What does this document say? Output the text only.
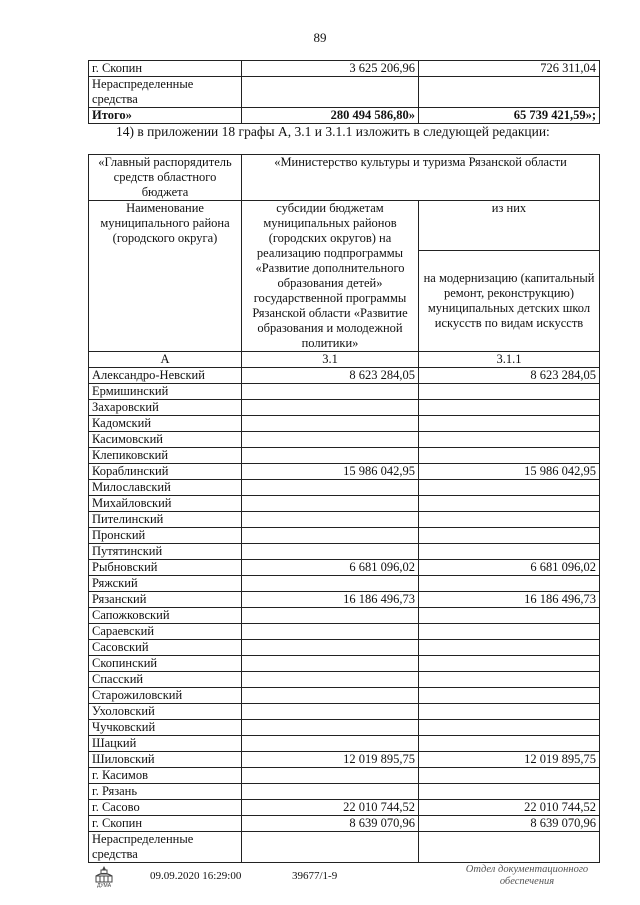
89
г. Скопин	3 625 206,96	726 311,04
Нераспределенные средства		
Итого»	280 494 586,80»	65 739 421,59»;
14) в приложении 18 графы А, 3.1 и 3.1.1 изложить в следующей редакции:
«Главный распорядитель средств областного бюджета	«Министерство культуры и туризма Рязанской области	
Наименование муниципального района (городского округа)	субсидии бюджетам муниципальных районов (городских округов) на реализацию подпрограммы «Развитие дополнительного образования детей» государственной программы Рязанской области «Развитие образования и молодежной политики»	из них
		на модернизацию (капитальный ремонт, реконструкцию) муниципальных детских школ искусств по видам искусств
А	3.1	3.1.1
Александро-Невский	8 623 284,05	8 623 284,05
Ермишинский		
Захаровский		
Кадомский		
Касимовский		
Клепиковский		
Кораблинский	15 986 042,95	15 986 042,95
Милославский		
Михайловский		
Пителинский		
Пронский		
Путятинский		
Рыбновский	6 681 096,02	6 681 096,02
Ряжский		
Рязанский	16 186 496,73	16 186 496,73
Сапожковский		
Сараевский		
Сасовский		
Скопинский		
Спасский		
Старожиловский		
Ухоловский		
Чучковский		
Шацкий		
Шиловский	12 019 895,75	12 019 895,75
г. Касимов		
г. Рязань		
г. Сасово	22 010 744,52	22 010 744,52
г. Скопин	8 639 070,96	8 639 070,96
Нераспределенные средства		
ДУМА
09.09.2020 16:29:00	39677/1-9
Отдел документационного обеспечения
